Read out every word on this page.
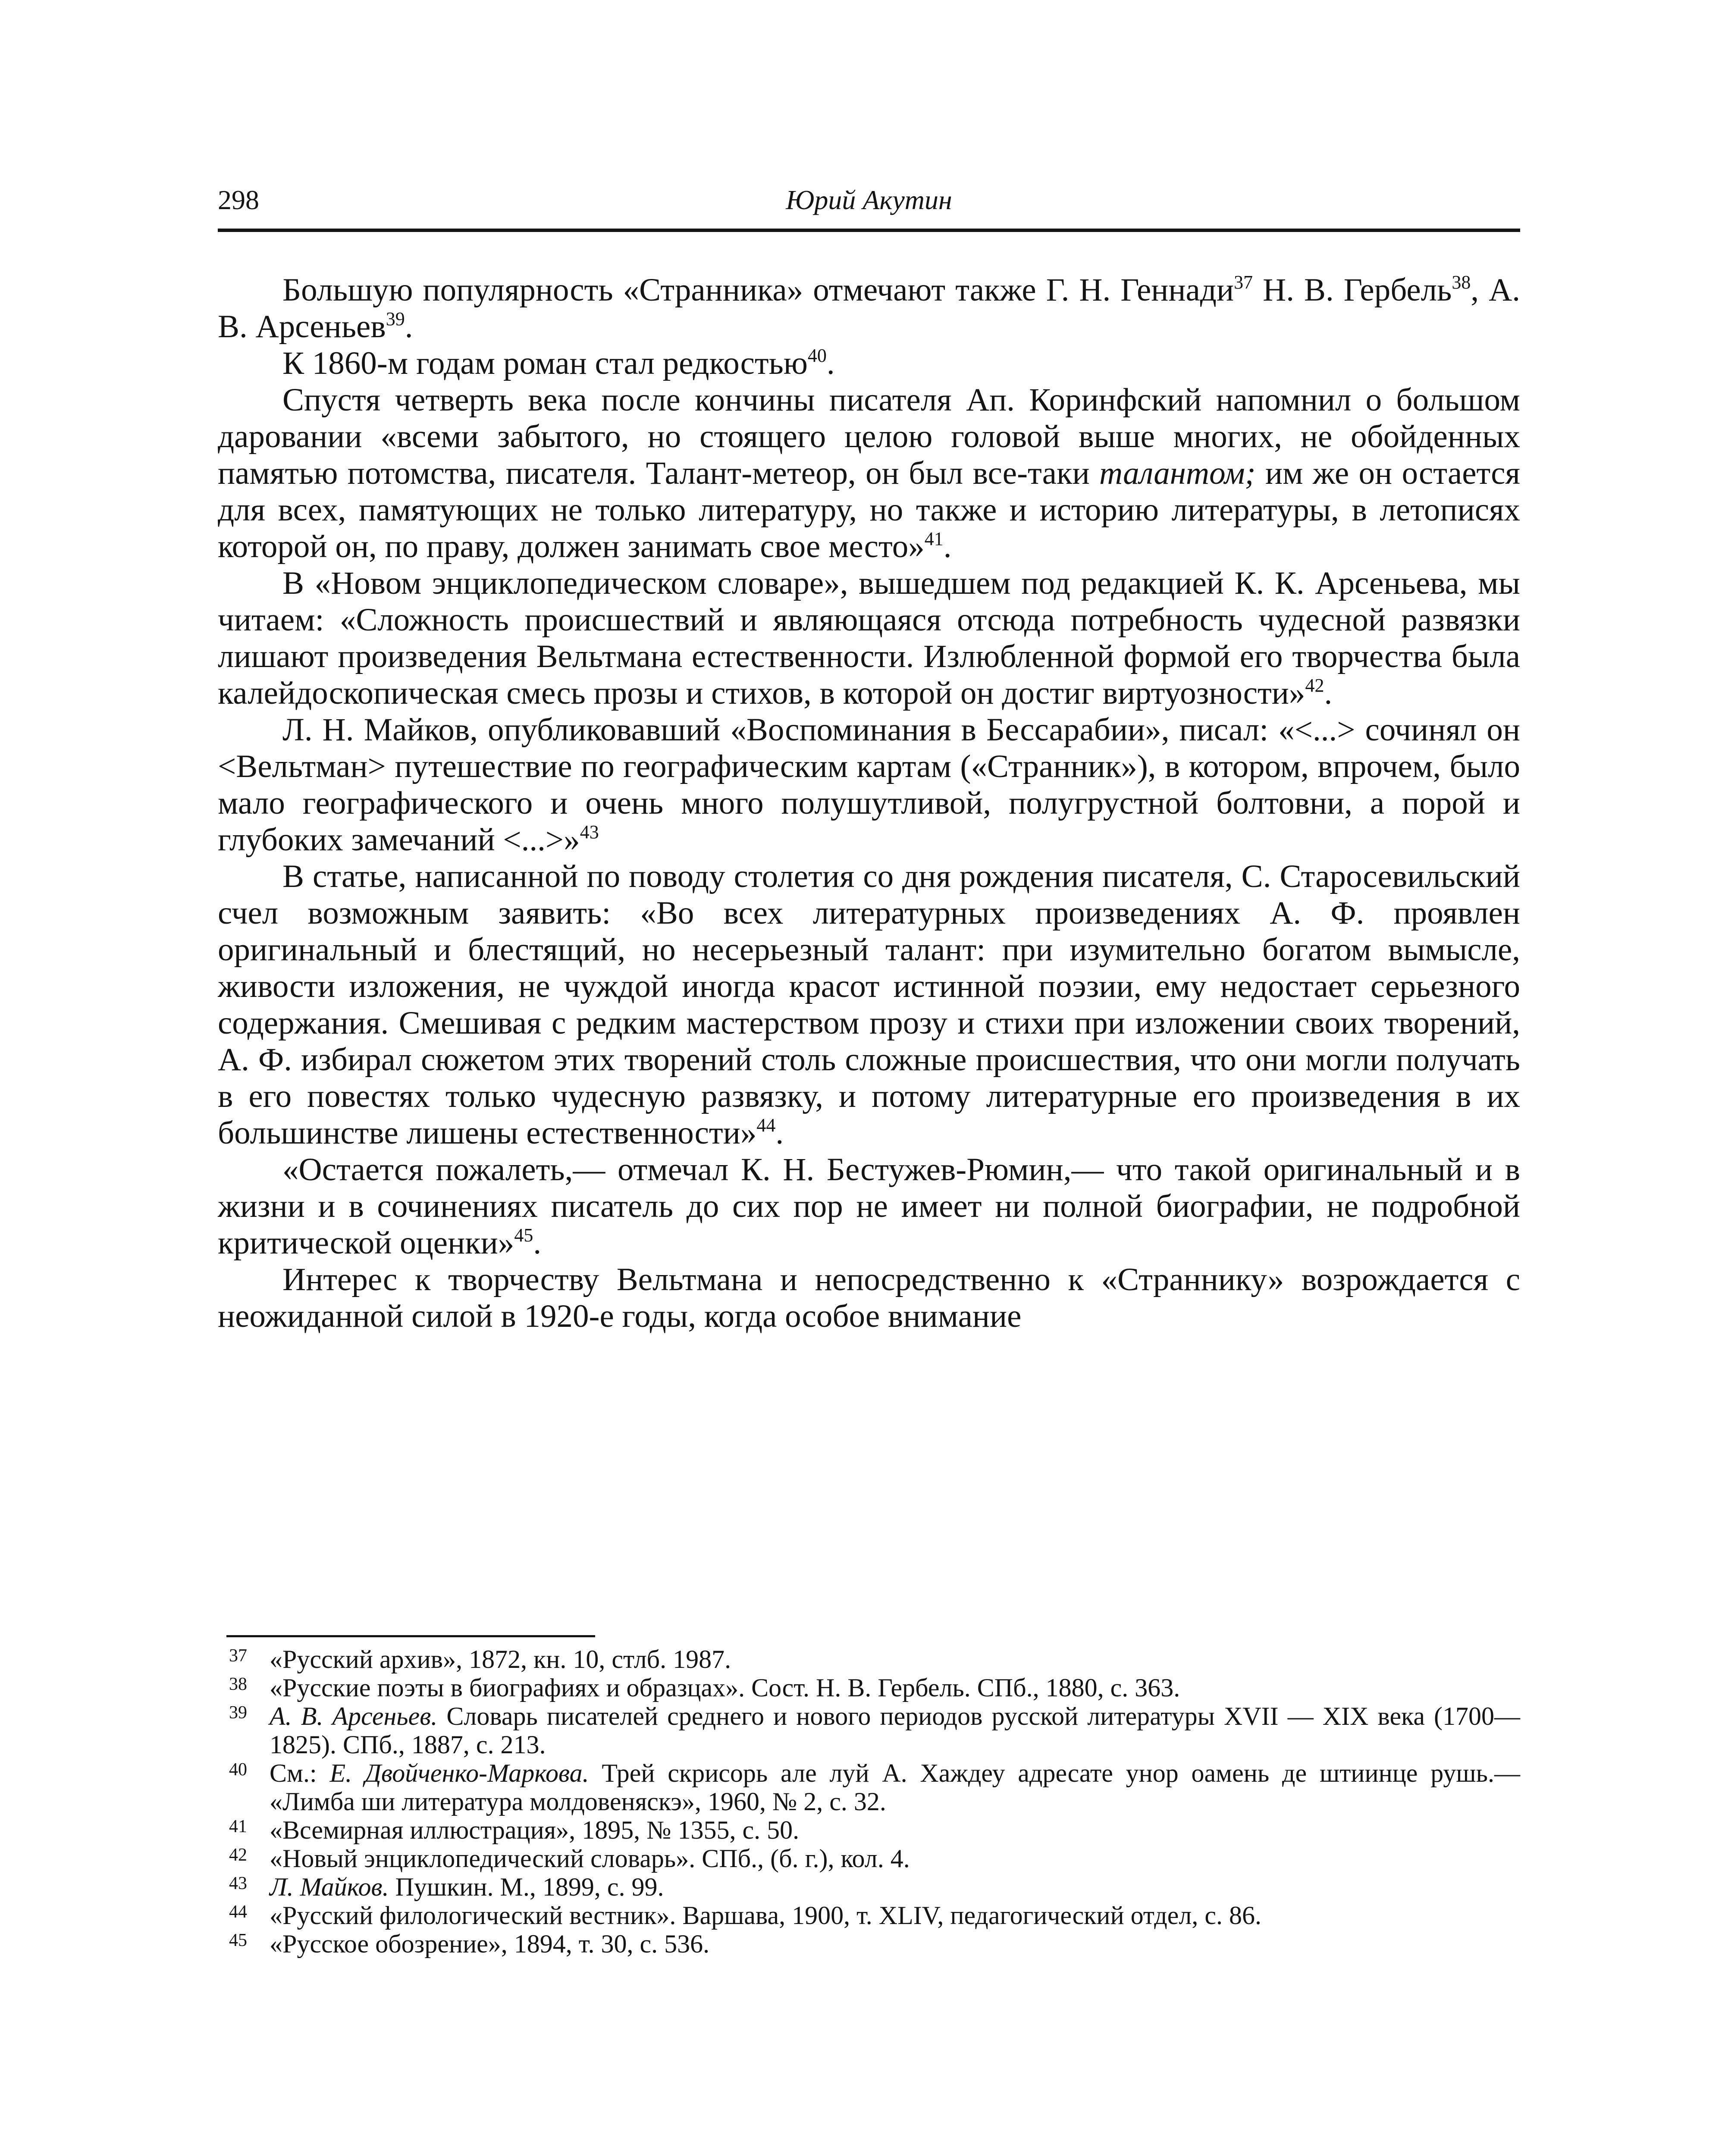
298	Юрий Акутин

Большую популярность «Странника» отмечают также Г. Н. Геннади$^{37}$ Н. В. Гербель$^{38}$, А. В. Арсеньев$^{39}$.

К 1860-м годам роман стал редкостью$^{40}$.

Спустя четверть века после кончины писателя Ап. Коринфский напомнил о большом даровании «всеми забытого, но стоящего целою головой выше многих, не обойденных памятью потомства, писателя. Талант-метеор, он был все-таки талантом; им же он остается для всех, памятующих не только литературу, но также и историю литературы, в летописях которой он, по праву, должен занимать свое место»$^{41}$.

В «Новом энциклопедическом словаре», вышедшем под редакцией К. К. Арсеньева, мы читаем: «Сложность происшествий и являющаяся отсюда потребность чудесной развязки лишают произведения Вельтмана естественности. Излюбленной формой его творчества была калейдоскопическая смесь прозы и стихов, в которой он достиг виртуозности»$^{42}$.

Л. Н. Майков, опубликовавший «Воспоминания в Бессарабии», писал: «<...> сочинял он <Вельтман> путешествие по географическим картам («Странник»), в котором, впрочем, было мало географического и очень много полушутливой, полугрустной болтовни, а порой и глубоких замечаний <...>»$^{43}$

В статье, написанной по поводу столетия со дня рождения писателя, С. Старосевильский счел возможным заявить: «Во всех литературных произведениях А. Ф. проявлен оригинальный и блестящий, но несерьезный талант: при изумительно богатом вымысле, живости изложения, не чуждой иногда красот истинной поэзии, ему недостает серьезного содержания. Смешивая с редким мастерством прозу и стихи при изложении своих творений, А. Ф. избирал сюжетом этих творений столь сложные происшествия, что они могли получать в его повестях только чудесную развязку, и потому литературные его произведения в их большинстве лишены естественности»$^{44}$.

«Остается пожалеть,— отмечал К. Н. Бестужев-Рюмин,— что такой оригинальный и в жизни и в сочинениях писатель до сих пор не имеет ни полной биографии, не подробной критической оценки»$^{45}$.

Интерес к творчеству Вельтмана и непосредственно к «Страннику» возрождается с неожиданной силой в 1920-е годы, когда особое внимание

37 «Русский архив», 1872, кн. 10, стлб. 1987.
38 «Русские поэты в биографиях и образцах». Сост. Н. В. Гербель. СПб., 1880, с. 363.
39 А. В. Арсеньев. Словарь писателей среднего и нового периодов русской литературы XVII — XIX века (1700—1825). СПб., 1887, с. 213.
40 См.: Е. Двойченко-Маркова. Трей скрисорь але луй А. Хаждеу адресате унор оамень де штиинце рушь.— «Лимба ши литература молдовеняскэ», 1960, № 2, с. 32.
41 «Всемирная иллюстрация», 1895, № 1355, с. 50.
42 «Новый энциклопедический словарь». СПб., (б. г.), кол. 4.
43 Л. Майков. Пушкин. М., 1899, с. 99.
44 «Русский филологический вестник». Варшава, 1900, т. XLIV, педагогический отдел, с. 86.
45 «Русское обозрение», 1894, т. 30, с. 536.
